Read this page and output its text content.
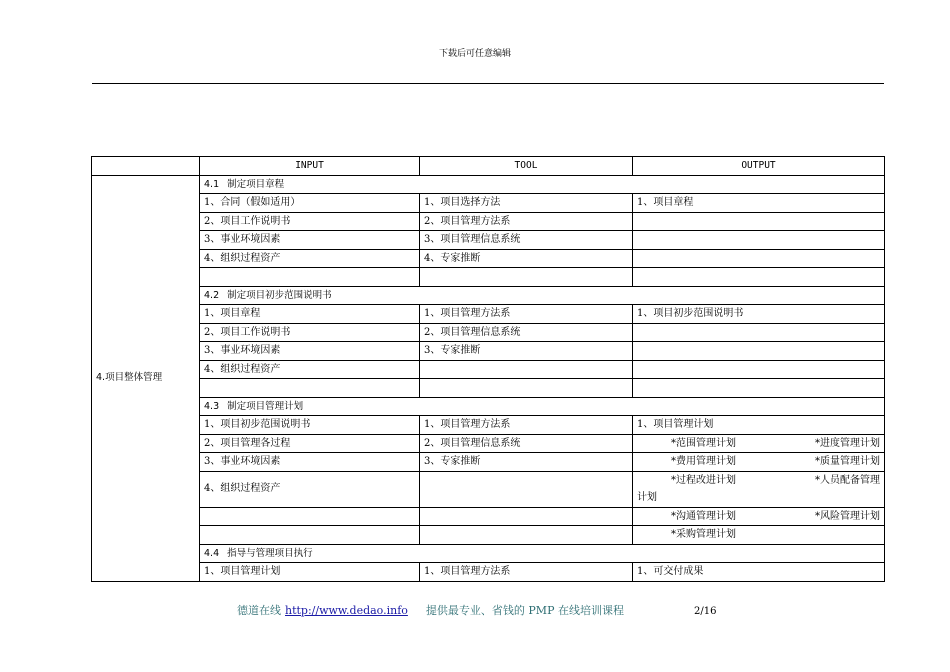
下载后可任意编辑
	INPUT	TOOL	OUTPUT
4.项目整体管理	4.1 制定项目章程		
	1、合同（假如适用）	1、项目选择方法	1、项目章程
	2、项目工作说明书	2、项目管理方法系	
	3、事业环境因素	3、项目管理信息系统	
	4、组织过程资产	4、专家推断	

	4.2 制定项目初步范围说明书		
	1、项目章程	1、项目管理方法系	1、项目初步范围说明书
	2、项目工作说明书	2、项目管理信息系统	
	3、事业环境因素	3、专家推断	
	4、组织过程资产		

	4.3 制定项目管理计划		
	1、项目初步范围说明书	1、项目管理方法系	1、项目管理计划
	2、项目管理各过程	2、项目管理信息系统	*范围管理计划 *进度管理计划

	3、事业环境因素	3、专家推断	*费用管理计划 *质量管理计划

	4、组织过程资产		*过程改进计划 *人员配备管理
计划

			*沟通管理计划 *风险管理计划

			*采购管理计划

	4.4 指导与管理项目执行		
	1、项目管理计划	1、项目管理方法系	1、可交付成果
德道在线 http://www.dedao.info 提供最专业、省钱的 PMP 在线培训课程	2/16
